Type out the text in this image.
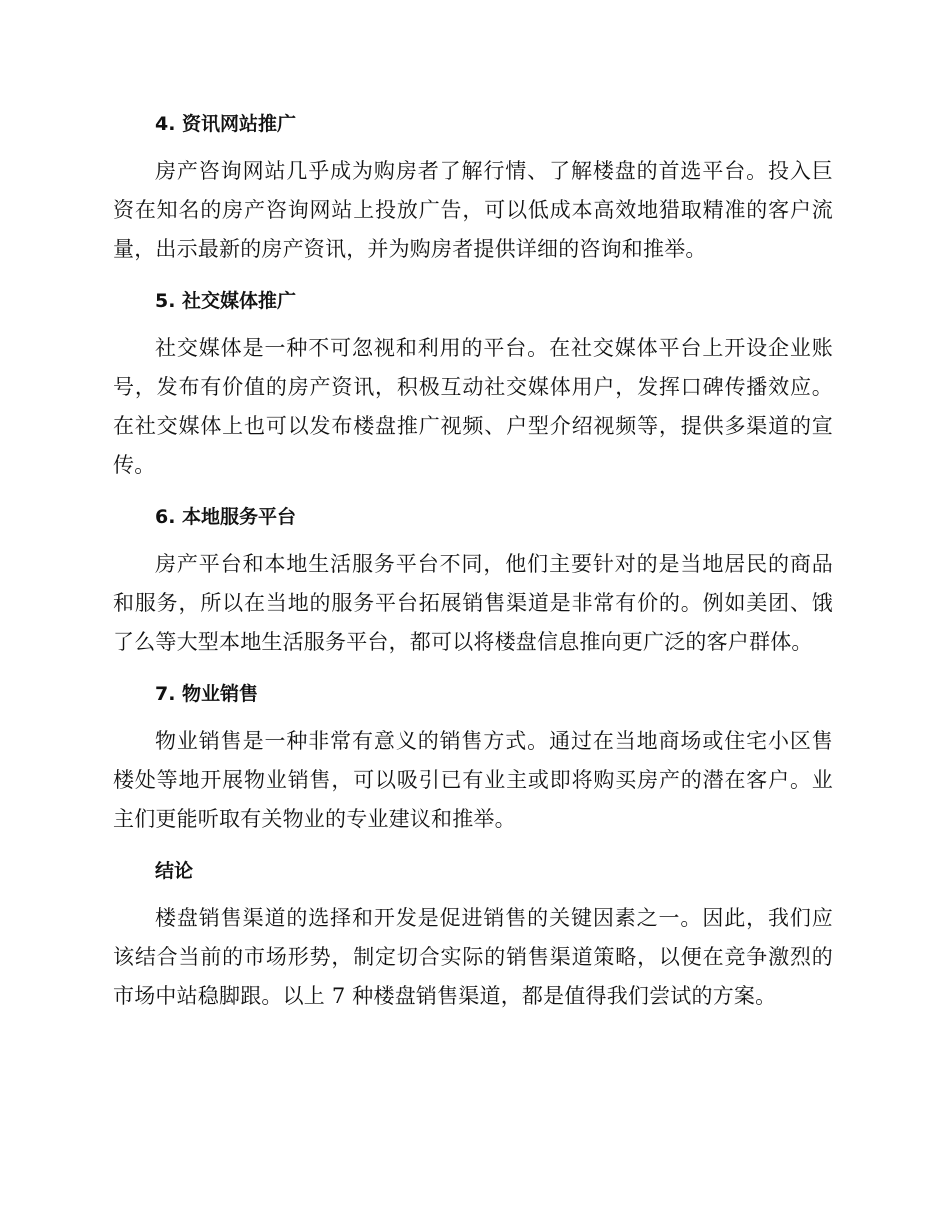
4. 资讯网站推广

房产咨询网站几乎成为购房者了解行情、了解楼盘的首选平台。投入巨资在知名的房产咨询网站上投放广告，可以低成本高效地猎取精准的客户流量，出示最新的房产资讯，并为购房者提供详细的咨询和推举。

5. 社交媒体推广

社交媒体是一种不可忽视和利用的平台。在社交媒体平台上开设企业账号，发布有价值的房产资讯，积极互动社交媒体用户，发挥口碑传播效应。在社交媒体上也可以发布楼盘推广视频、户型介绍视频等，提供多渠道的宣传。

6. 本地服务平台

房产平台和本地生活服务平台不同，他们主要针对的是当地居民的商品和服务，所以在当地的服务平台拓展销售渠道是非常有价的。例如美团、饿了么等大型本地生活服务平台，都可以将楼盘信息推向更广泛的客户群体。

7. 物业销售

物业销售是一种非常有意义的销售方式。通过在当地商场或住宅小区售楼处等地开展物业销售，可以吸引已有业主或即将购买房产的潜在客户。业主们更能听取有关物业的专业建议和推举。

结论

楼盘销售渠道的选择和开发是促进销售的关键因素之一。因此，我们应该结合当前的市场形势，制定切合实际的销售渠道策略，以便在竞争激烈的市场中站稳脚跟。以上 7 种楼盘销售渠道，都是值得我们尝试的方案。
